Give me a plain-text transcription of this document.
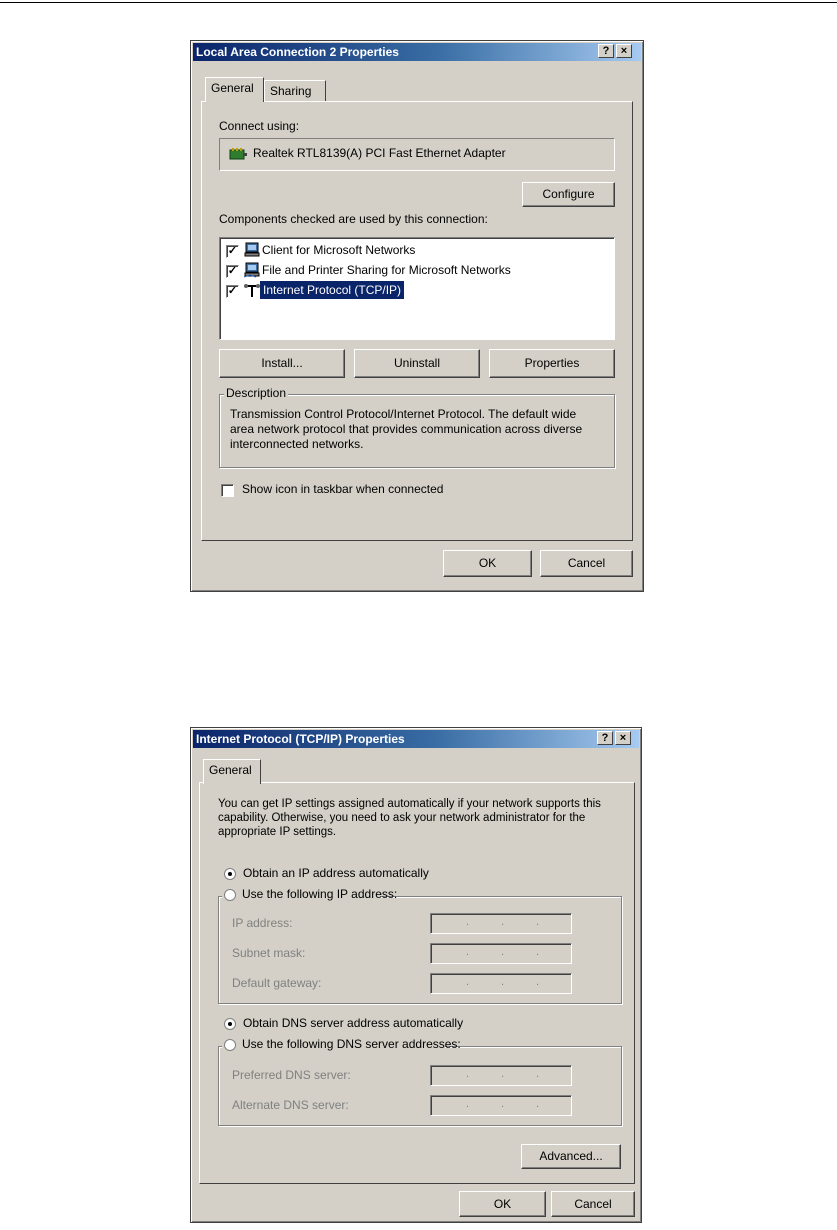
Local Area Connection 2 Properties	?	×
General	Sharing
Connect using:
Realtek RTL8139(A) PCI Fast Ethernet Adapter
Configure
Components checked are used by this connection:
✓ Client for Microsoft Networks
✓ File and Printer Sharing for Microsoft Networks
✓ Internet Protocol (TCP/IP)
Install...	Uninstall	Properties
Transmission Control Protocol/Internet Protocol. The default wide area network protocol that provides communication across diverse interconnected networks.
Description
Show icon in taskbar when connected
OK	Cancel
Internet Protocol (TCP/IP) Properties	?	×
General
You can get IP settings assigned automatically if your network supports this capability. Otherwise, you need to ask your network administrator for the appropriate IP settings.
Obtain an IP address automatically
Use the following IP address:
IP address:	.	.	.
Subnet mask:	.	.	.
Default gateway:	.	.	.
Obtain DNS server address automatically
Use the following DNS server addresses:
Preferred DNS server:	.	.	.
Alternate DNS server:	.	.	.
Advanced...
OK	Cancel
